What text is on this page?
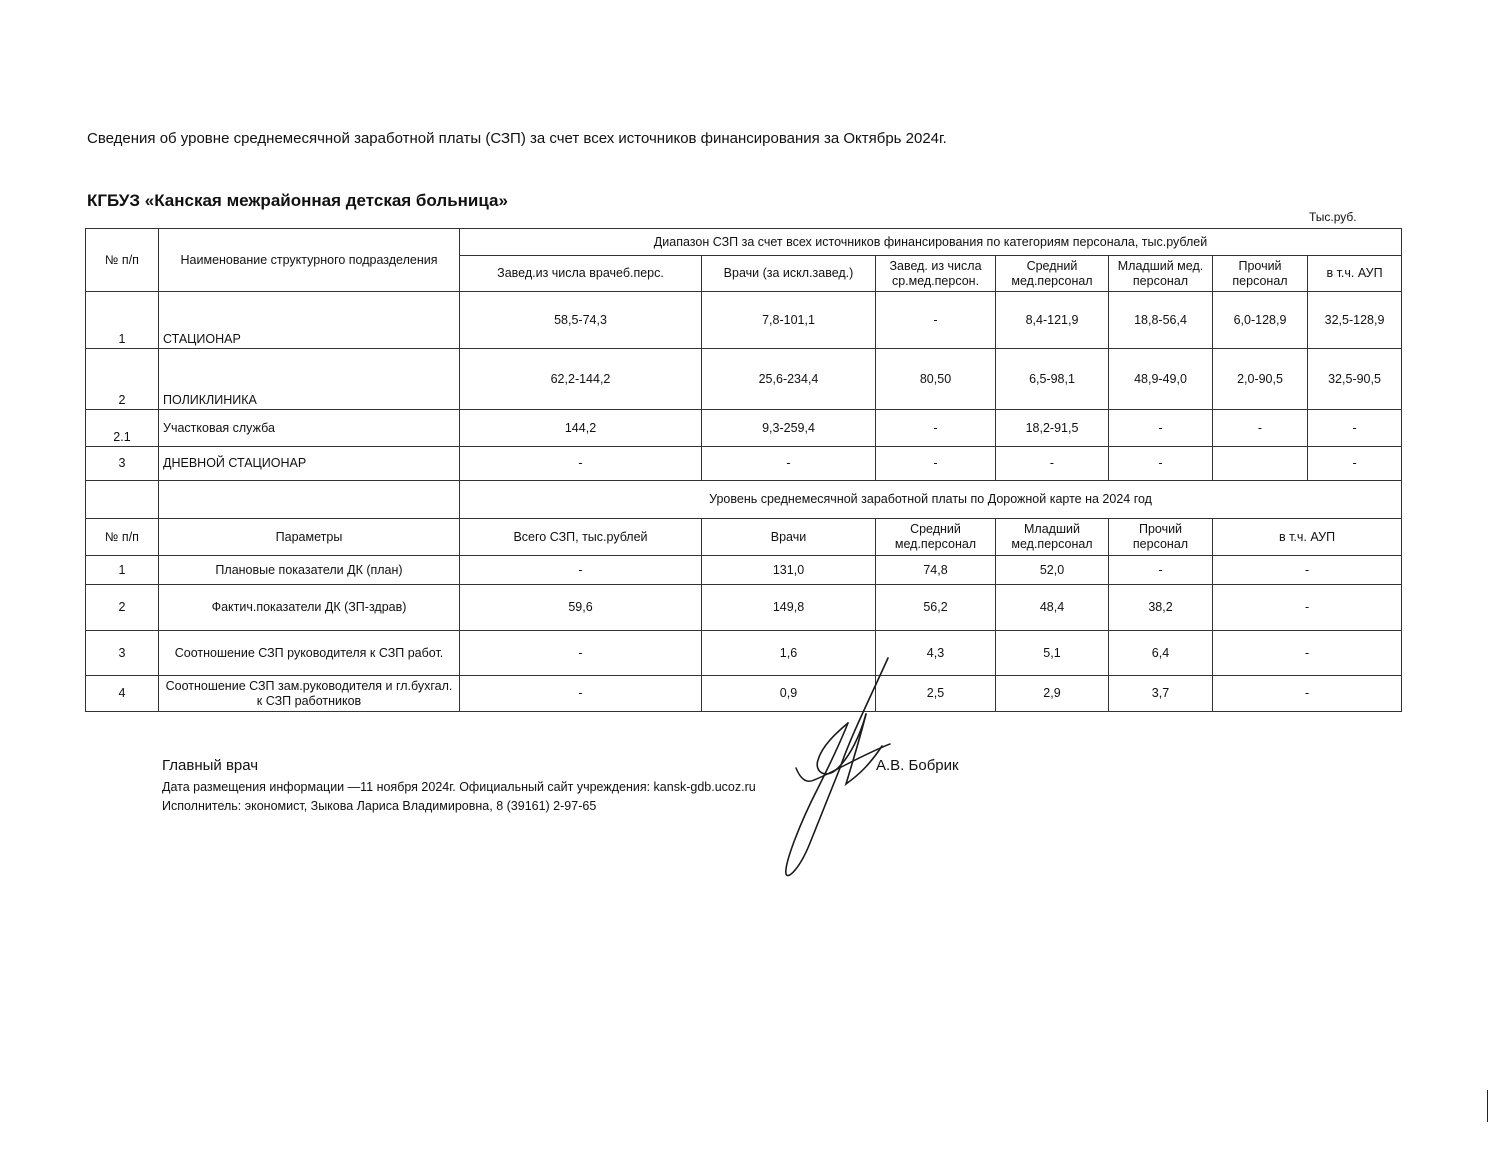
Сведения об уровне среднемесячной заработной платы (СЗП) за счет всех источников финансирования за Октябрь 2024г.
КГБУЗ «Канская межрайонная детская больница»
Тыс.руб.
№ п/п	Наименование структурного подразделения	Диапазон СЗП за счет всех источников финансирования по категориям персонала, тыс.рублей						
		Завед.из числа врачеб.перс.	Врачи (за искл.завед.)	Завед. из числа ср.мед.персон.	Средний мед.персонал	Младший мед. персонал	Прочий персонал	в т.ч. АУП
1	СТАЦИОНАР	58,5-74,3	7,8-101,1	-	8,4-121,9	18,8-56,4	6,0-128,9	32,5-128,9
2	ПОЛИКЛИНИКА	62,2-144,2	25,6-234,4	80,50	6,5-98,1	48,9-49,0	2,0-90,5	32,5-90,5
2.1	Участковая служба	144,2	9,3-259,4	-	18,2-91,5	-	-	-
3	ДНЕВНОЙ СТАЦИОНАР	-	-	-	-	-		-
		Уровень среднемесячной заработной платы по Дорожной карте на 2024 год						
№ п/п	Параметры	Всего СЗП, тыс.рублей	Врачи	Средний мед.персонал	Младший мед.персонал	Прочий персонал	в т.ч. АУП	
1	Плановые показатели ДК (план)	-	131,0	74,8	52,0	-	-	
2	Фактич.показатели ДК (ЗП-здрав)	59,6	149,8	56,2	48,4	38,2	-	
3	Соотношение СЗП руководителя к СЗП работ.	-	1,6	4,3	5,1	6,4	-	
4	Соотношение СЗП зам.руководителя и гл.бухгал. к СЗП работников	-	0,9	2,5	2,9	3,7	-	
Главный врач
Дата размещения информации —11 ноября 2024г. Официальный сайт учреждения: kansk-gdb.ucoz.ru
Исполнитель: экономист, Зыкова Лариса Владимировна, 8 (39161) 2-97-65
А.В. Бобрик
